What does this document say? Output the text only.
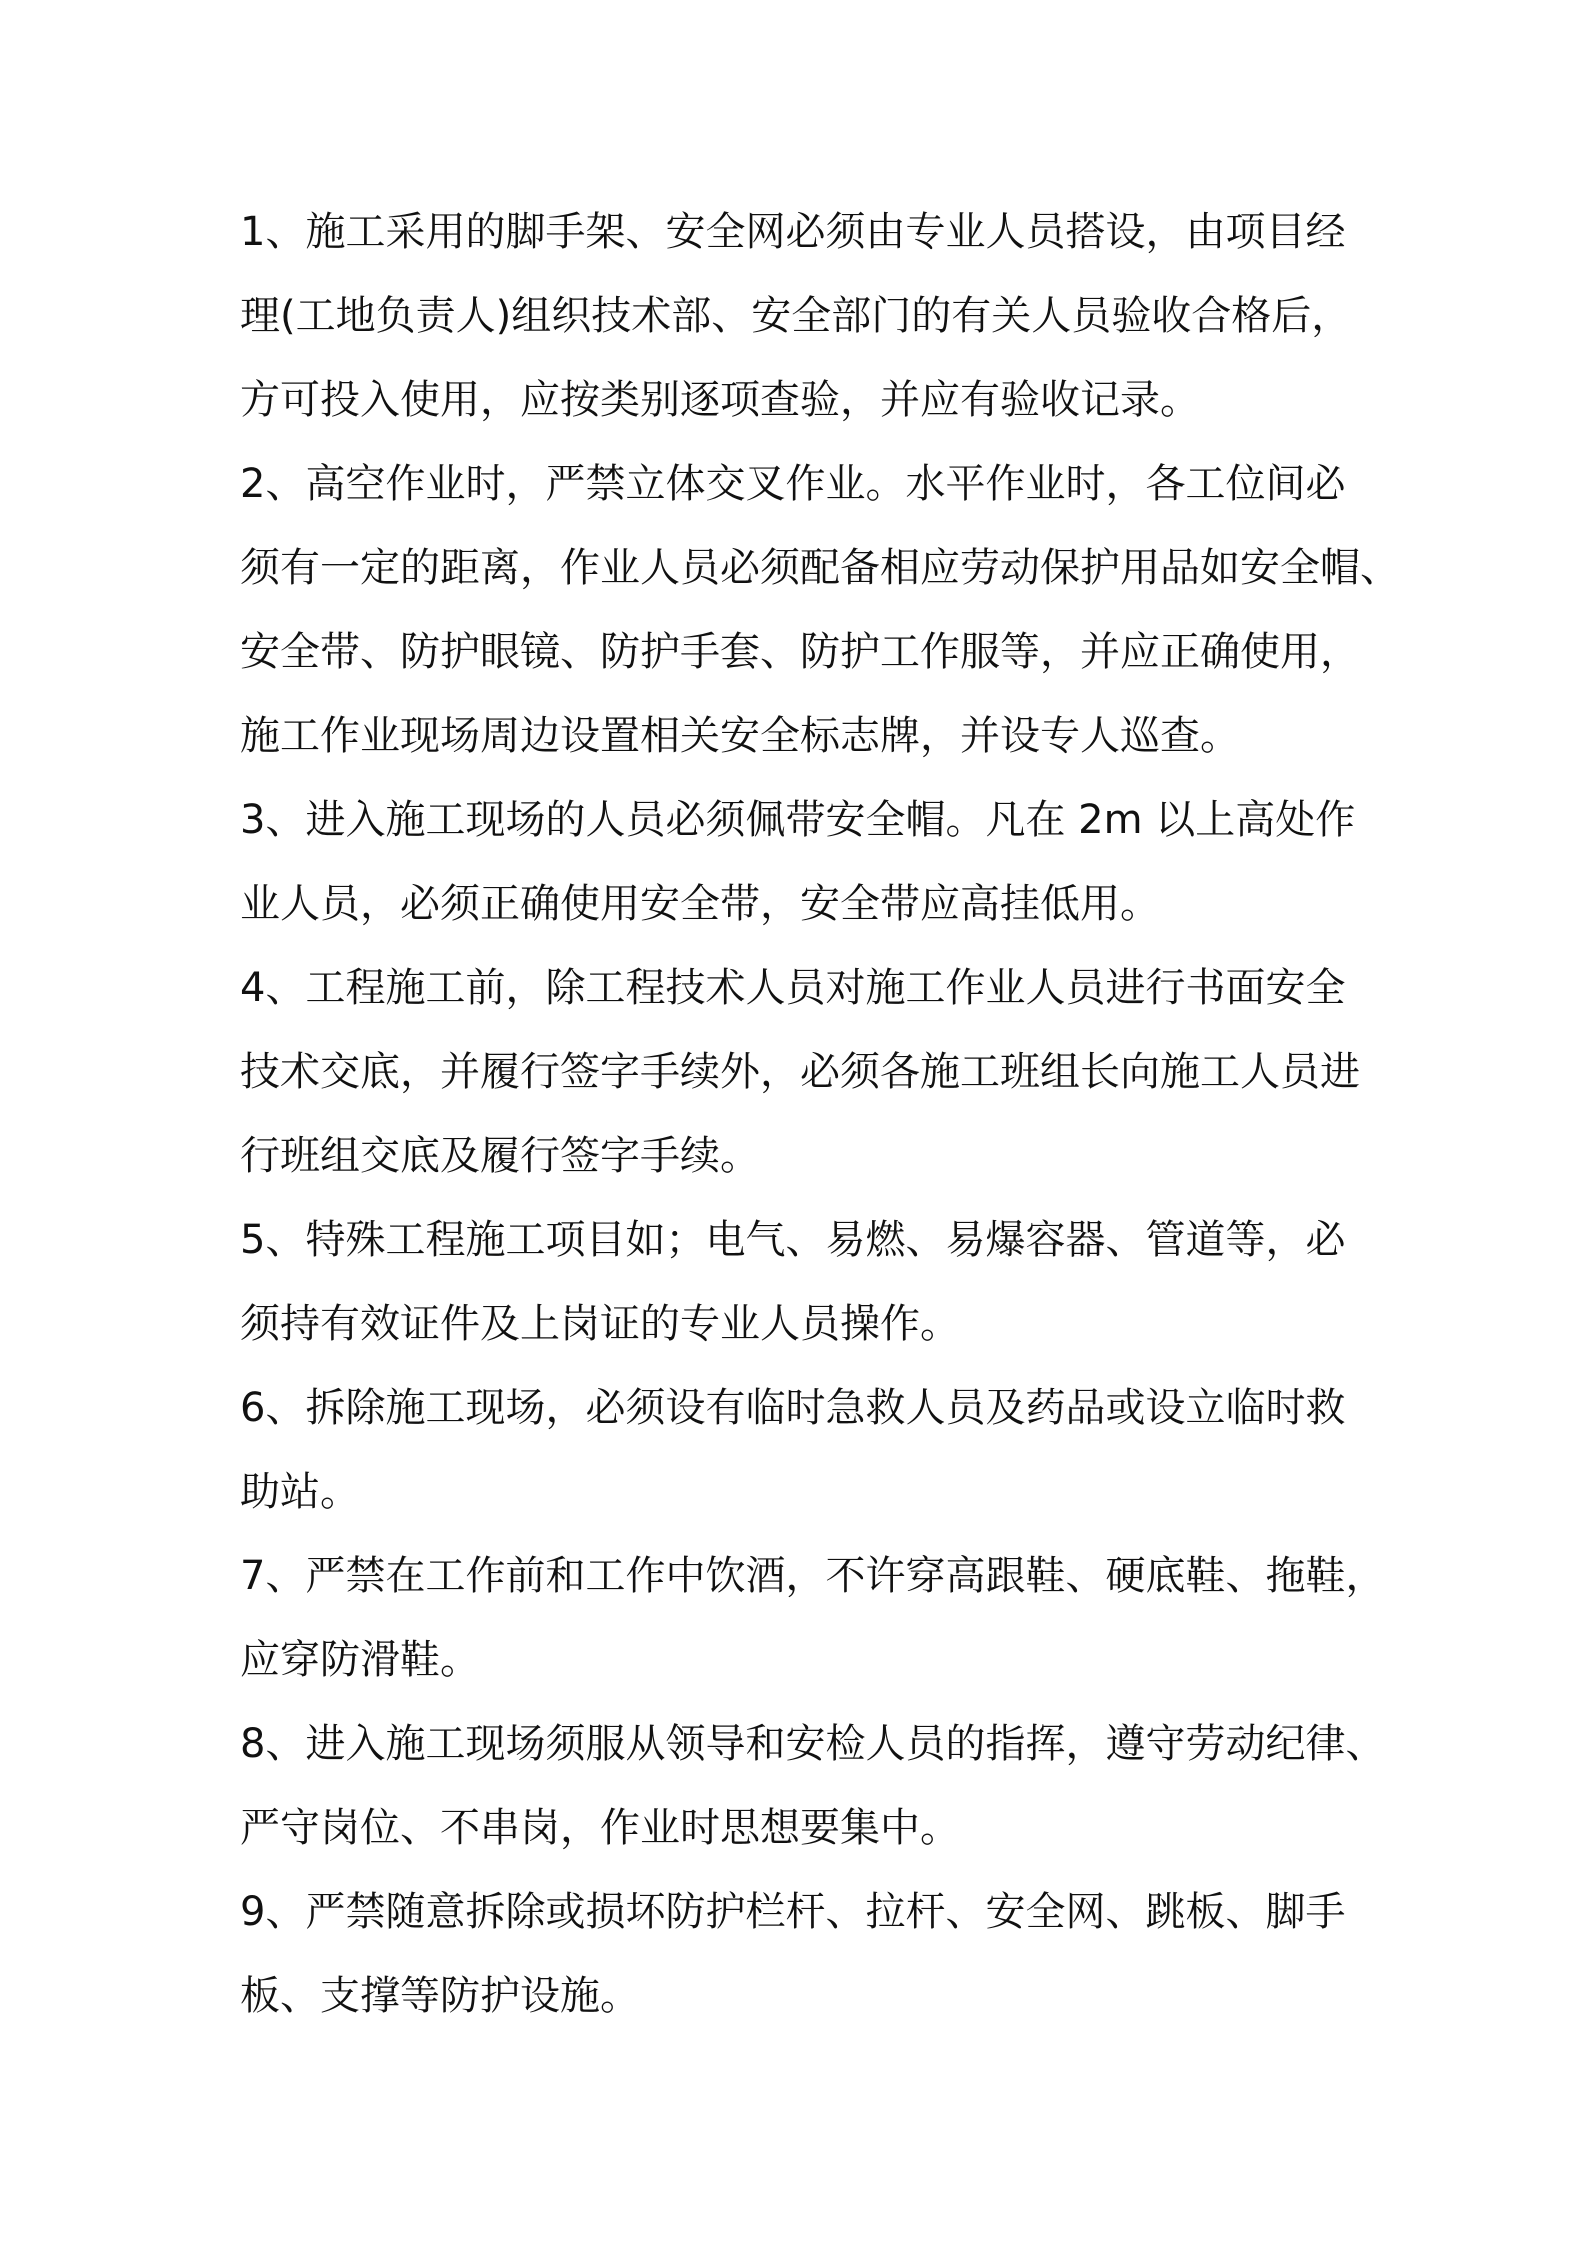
1、施工采用的脚手架、安全网必须由专业人员搭设，由项目经
理(工地负责人)组织技术部、安全部门的有关人员验收合格后，
方可投入使用，应按类别逐项查验，并应有验收记录。
2、高空作业时，严禁立体交叉作业。水平作业时，各工位间必
须有一定的距离，作业人员必须配备相应劳动保护用品如安全帽、
安全带、防护眼镜、防护手套、防护工作服等，并应正确使用，
施工作业现场周边设置相关安全标志牌，并设专人巡查。
3、进入施工现场的人员必须佩带安全帽。凡在 2m 以上高处作
业人员，必须正确使用安全带，安全带应高挂低用。
4、工程施工前，除工程技术人员对施工作业人员进行书面安全
技术交底，并履行签字手续外，必须各施工班组长向施工人员进
行班组交底及履行签字手续。
5、特殊工程施工项目如；电气、易燃、易爆容器、管道等，必
须持有效证件及上岗证的专业人员操作。
6、拆除施工现场，必须设有临时急救人员及药品或设立临时救
助站。
7、严禁在工作前和工作中饮酒，不许穿高跟鞋、硬底鞋、拖鞋，
应穿防滑鞋。
8、进入施工现场须服从领导和安检人员的指挥，遵守劳动纪律、
严守岗位、不串岗，作业时思想要集中。
9、严禁随意拆除或损坏防护栏杆、拉杆、安全网、跳板、脚手
板、支撑等防护设施。
